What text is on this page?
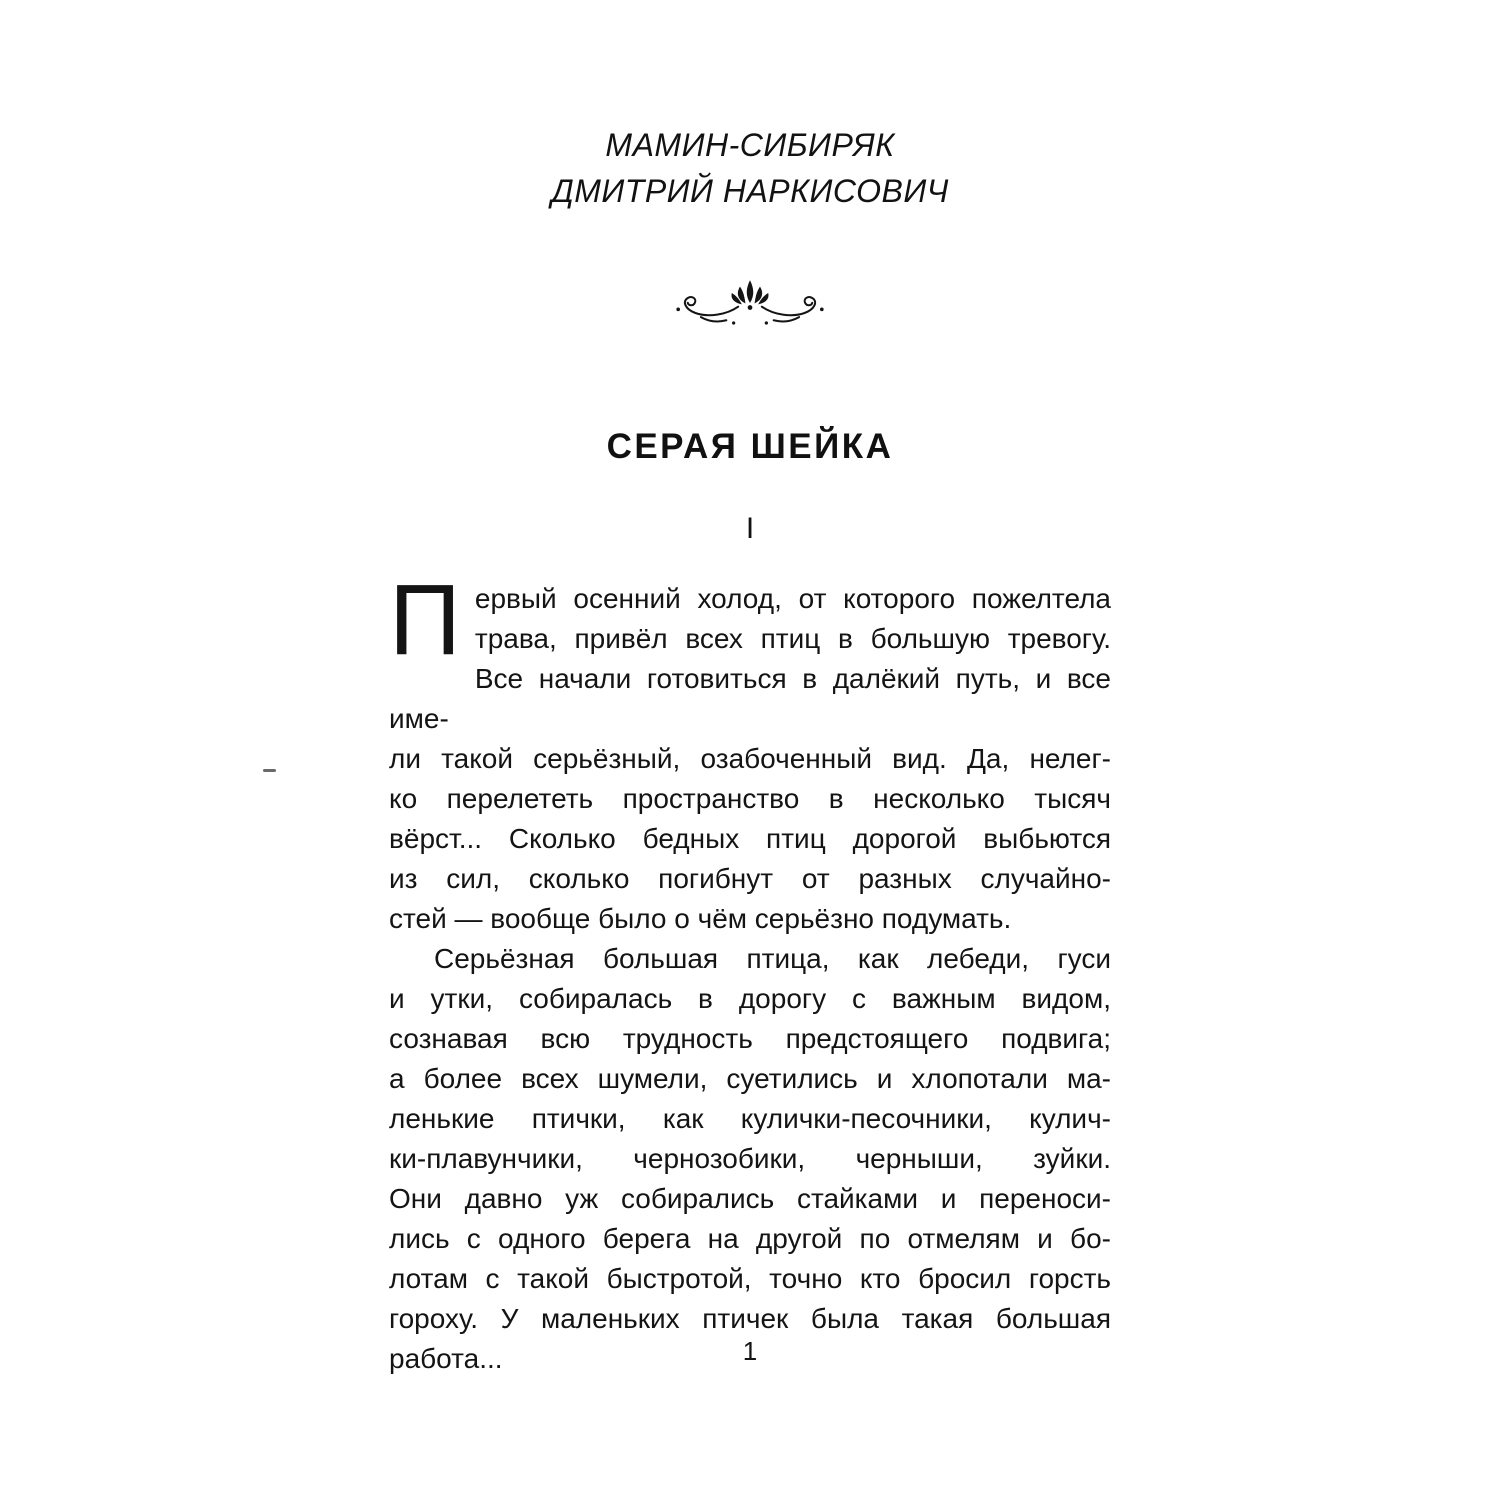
МАМИН-СИБИРЯК
ДМИТРИЙ НАРКИСОВИЧ
СЕРАЯ ШЕЙКА
I
П ервый осенний холод, от которого пожелтела
трава, привёл всех птиц в большую тревогу.
Все начали готовиться в далёкий путь, и все име-
ли такой серьёзный, озабоченный вид. Да, нелег-
ко перелететь пространство в несколько тысяч
вёрст... Сколько бедных птиц дорогой выбьются
из сил, сколько погибнут от разных случайно-
стей — вообще было о чём серьёзно подумать.
Серьёзная большая птица, как лебеди, гуси
и утки, собиралась в дорогу с важным видом,
сознавая всю трудность предстоящего подвига;
а более всех шумели, суетились и хлопотали ма-
ленькие птички, как кулички-песочники, кулич-
ки-плавунчики, чернозобики, черныши, зуйки.
Они давно уж собирались стайками и переноси-
лись с одного берега на другой по отмелям и бо-
лотам с такой быстротой, точно кто бросил горсть
гороху. У маленьких птичек была такая большая
работа...	1
